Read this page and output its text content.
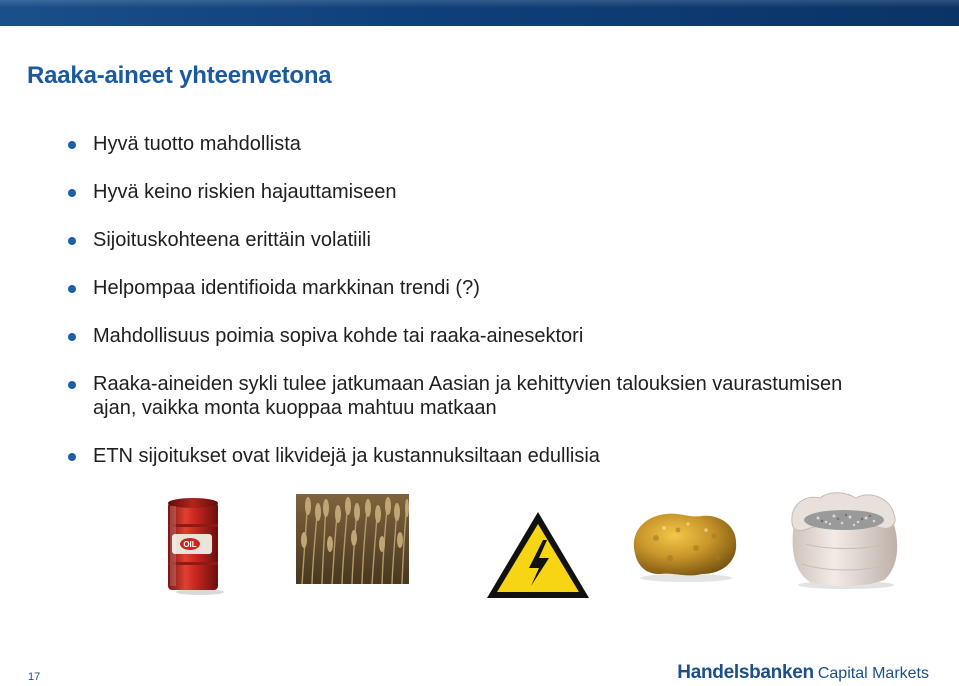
Raaka-aineet yhteenvetona
Hyvä tuotto mahdollista
Hyvä keino riskien hajauttamiseen
Sijoituskohteena erittäin volatiili
Helpompaa identifioida markkinan trendi (?)
Mahdollisuus poimia sopiva kohde tai raaka-ainesektori
Raaka-aineiden sykli tulee jatkumaan Aasian ja kehittyvien talouksien vaurastumisen ajan, vaikka monta kuoppaa mahtuu matkaan
ETN sijoitukset ovat likvidejä ja kustannuksiltaan edullisia
OIL
17	Handelsbanken Capital Markets
